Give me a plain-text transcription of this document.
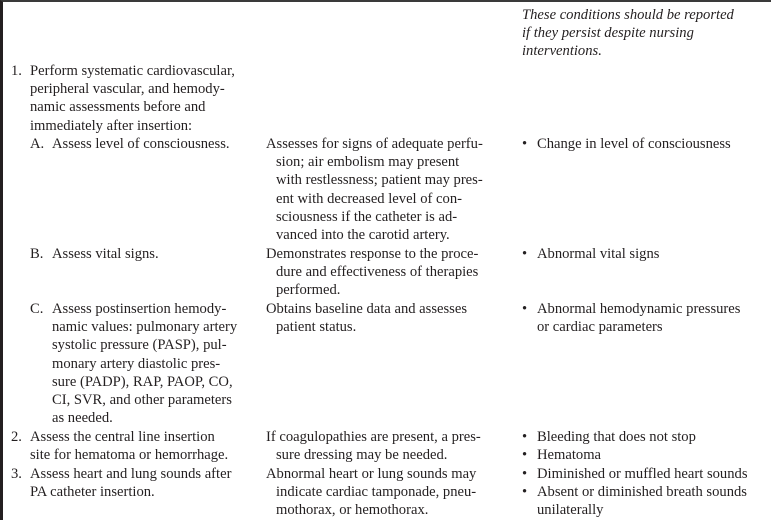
These conditions should be reported
if they persist despite nursing
interventions.
1. Perform systematic cardiovascular,
peripheral vascular, and hemody-
namic assessments before and
immediately after insertion:
A. Assess level of consciousness. Assesses for signs of adequate perfu-
sion; air embolism may present
with restlessness; patient may pres-
ent with decreased level of con-
sciousness if the catheter is ad-
vanced into the carotid artery.
• Change in level of consciousness
B. Assess vital signs.	Demonstrates response to the proce-
dure and effectiveness of therapies
performed.
• Abnormal vital signs
C. Assess postinsertion hemody-
namic values: pulmonary artery
systolic pressure (PASP), pul-
monary artery diastolic pres-
sure (PADP), RAP, PAOP, CO,
CI, SVR, and other parameters
as needed.
Obtains baseline data and assesses
patient status.
• Abnormal hemodynamic pressures
or cardiac parameters
2. Assess the central line insertion
site for hematoma or hemorrhage.
If coagulopathies are present, a pres-
sure dressing may be needed.
• Bleeding that does not stop
• Hematoma
3. Assess heart and lung sounds after
PA catheter insertion.
Abnormal heart or lung sounds may
indicate cardiac tamponade, pneu-
mothorax, or hemothorax.
• Diminished or muffled heart sounds
• Absent or diminished breath sounds
unilaterally
